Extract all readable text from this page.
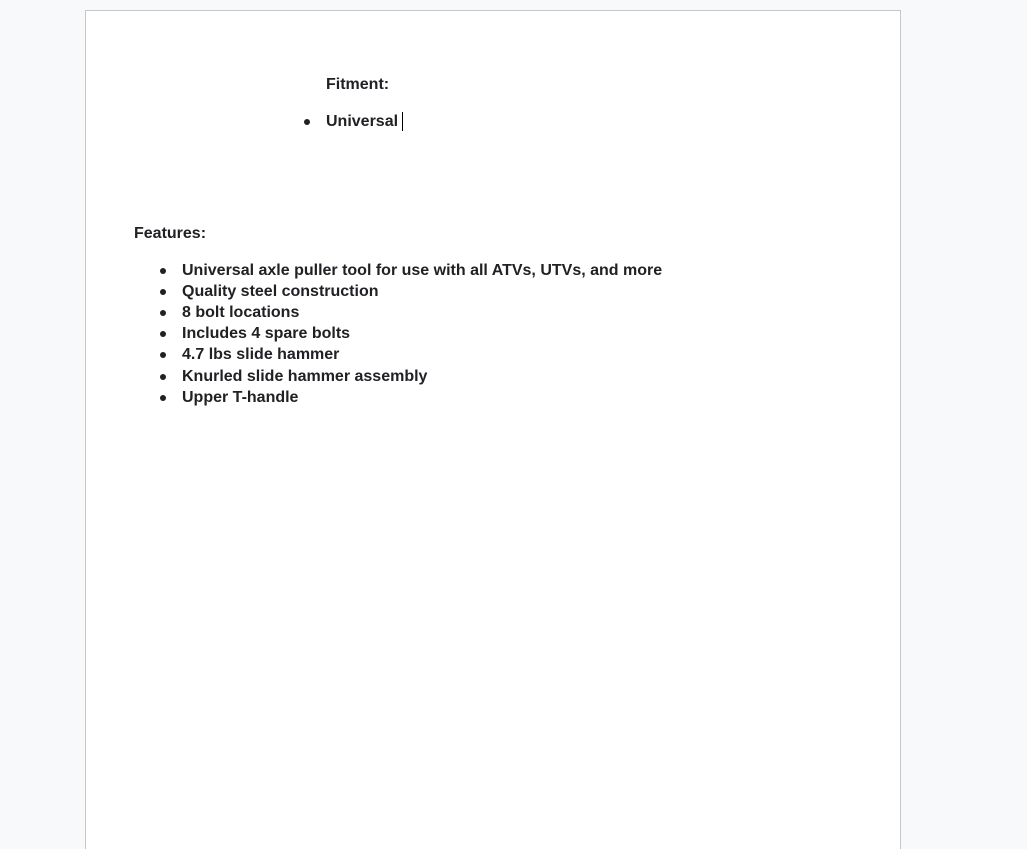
Fitment:
Universal
Features:
Universal axle puller tool for use with all ATVs, UTVs, and more
Quality steel construction
8 bolt locations
Includes 4 spare bolts
4.7 lbs slide hammer
Knurled slide hammer assembly
Upper T-handle
